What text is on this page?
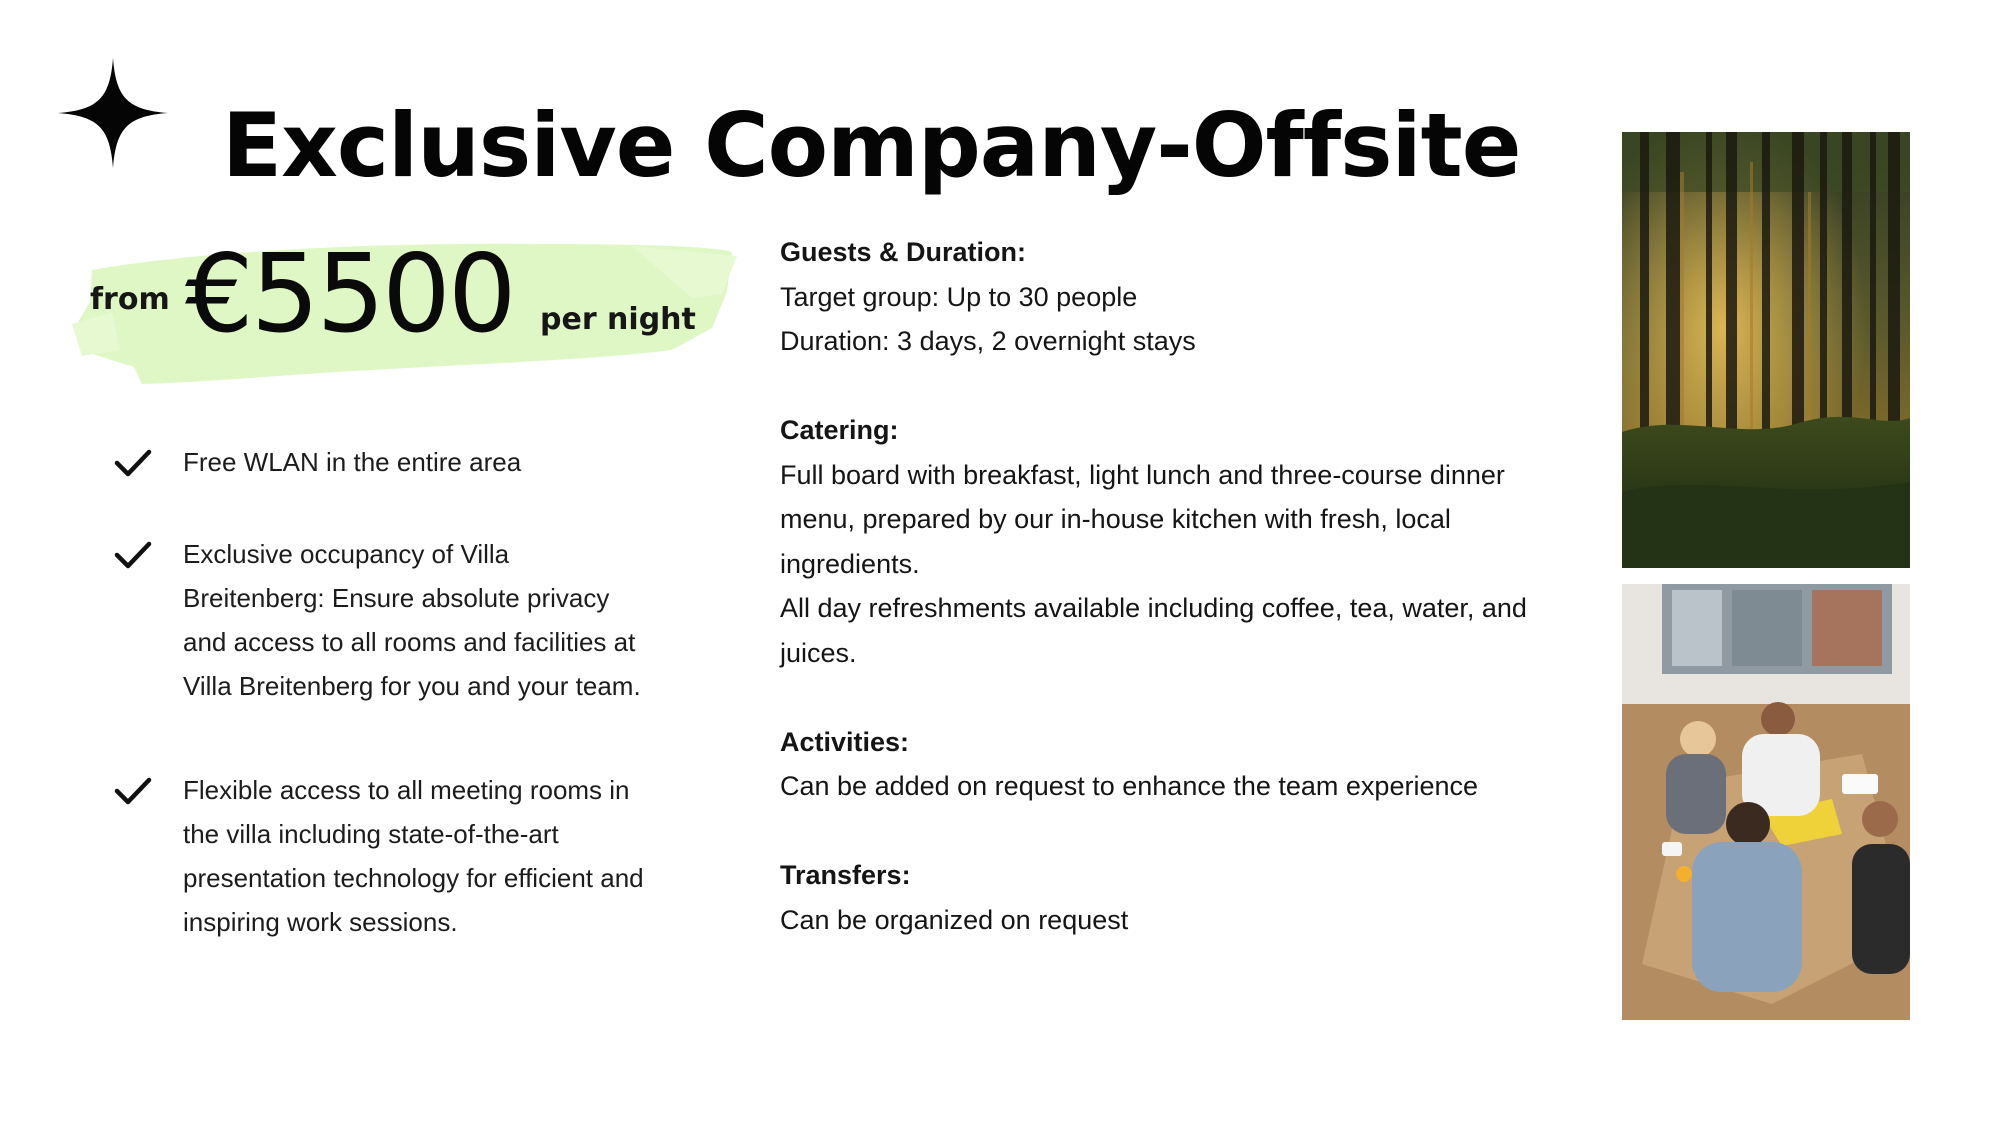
Exclusive Company-Offsite
from €5500 per night
Free WLAN in the entire area
Exclusive occupancy of Villa Breitenberg: Ensure absolute privacy and access to all rooms and facilities at Villa Breitenberg for you and your team.
Flexible access to all meeting rooms in the villa including state-of-the-art presentation technology for efficient and inspiring work sessions.
Guests & Duration:
Target group: Up to 30 people
Duration: 3 days, 2 overnight stays
Catering:
Full board with breakfast, light lunch and three-course dinner menu, prepared by our in-house kitchen with fresh, local ingredients.
All day refreshments available including coffee, tea, water, and juices.
Activities:
Can be added on request to enhance the team experience
Transfers:
Can be organized on request
